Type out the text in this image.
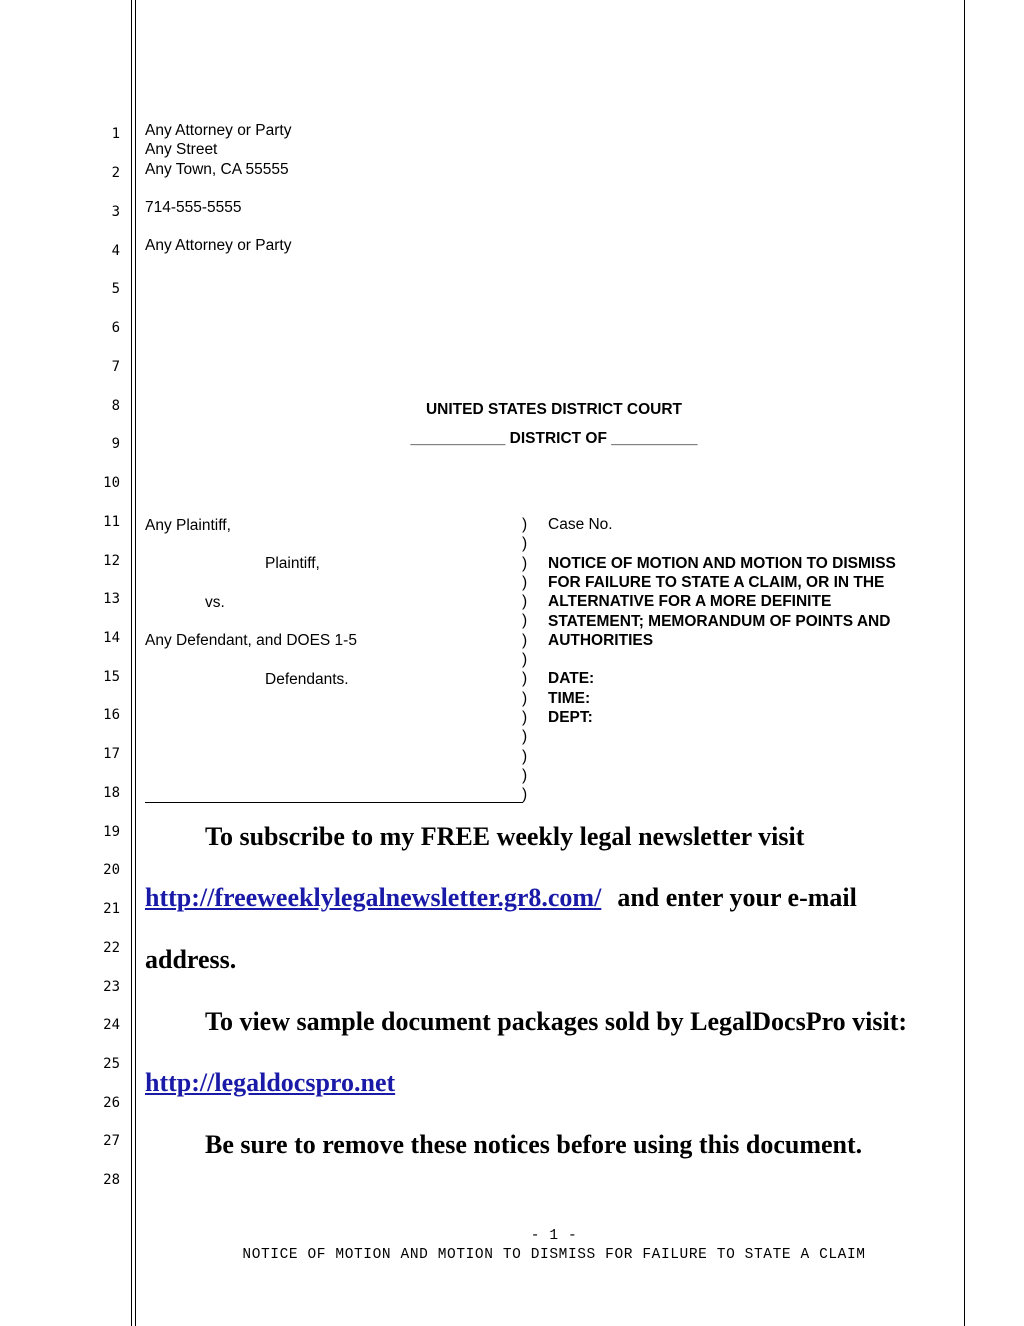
1
2
3
4
5
6
7
8
9
10
11
12
13
14
15
16
17
18
19
20
21
22
23
24
25
26
27
28
Any Attorney or Party
Any Street
Any Town, CA 55555
714-555-5555
Any Attorney or Party
UNITED STATES DISTRICT COURT
___________ DISTRICT OF __________
Any Plaintiff,
Plaintiff,
vs.
Any Defendant, and DOES 1-5
Defendants.
)
)
)
)
)
)
)
)
)
)
)
)
)
)
)
Case No.
NOTICE OF MOTION AND MOTION TO DISMISS
FOR FAILURE TO STATE A CLAIM, OR IN THE
ALTERNATIVE FOR A MORE DEFINITE
STATEMENT; MEMORANDUM OF POINTS AND
AUTHORITIES
DATE:
TIME:
DEPT:
To subscribe to my FREE weekly legal newsletter visit
http://freeweeklylegalnewsletter.gr8.com/ and enter your e-mail
address.
To view sample document packages sold by LegalDocsPro visit:
http://legaldocspro.net
Be sure to remove these notices before using this document.
- 1 -
NOTICE OF MOTION AND MOTION TO DISMISS FOR FAILURE TO STATE A CLAIM
